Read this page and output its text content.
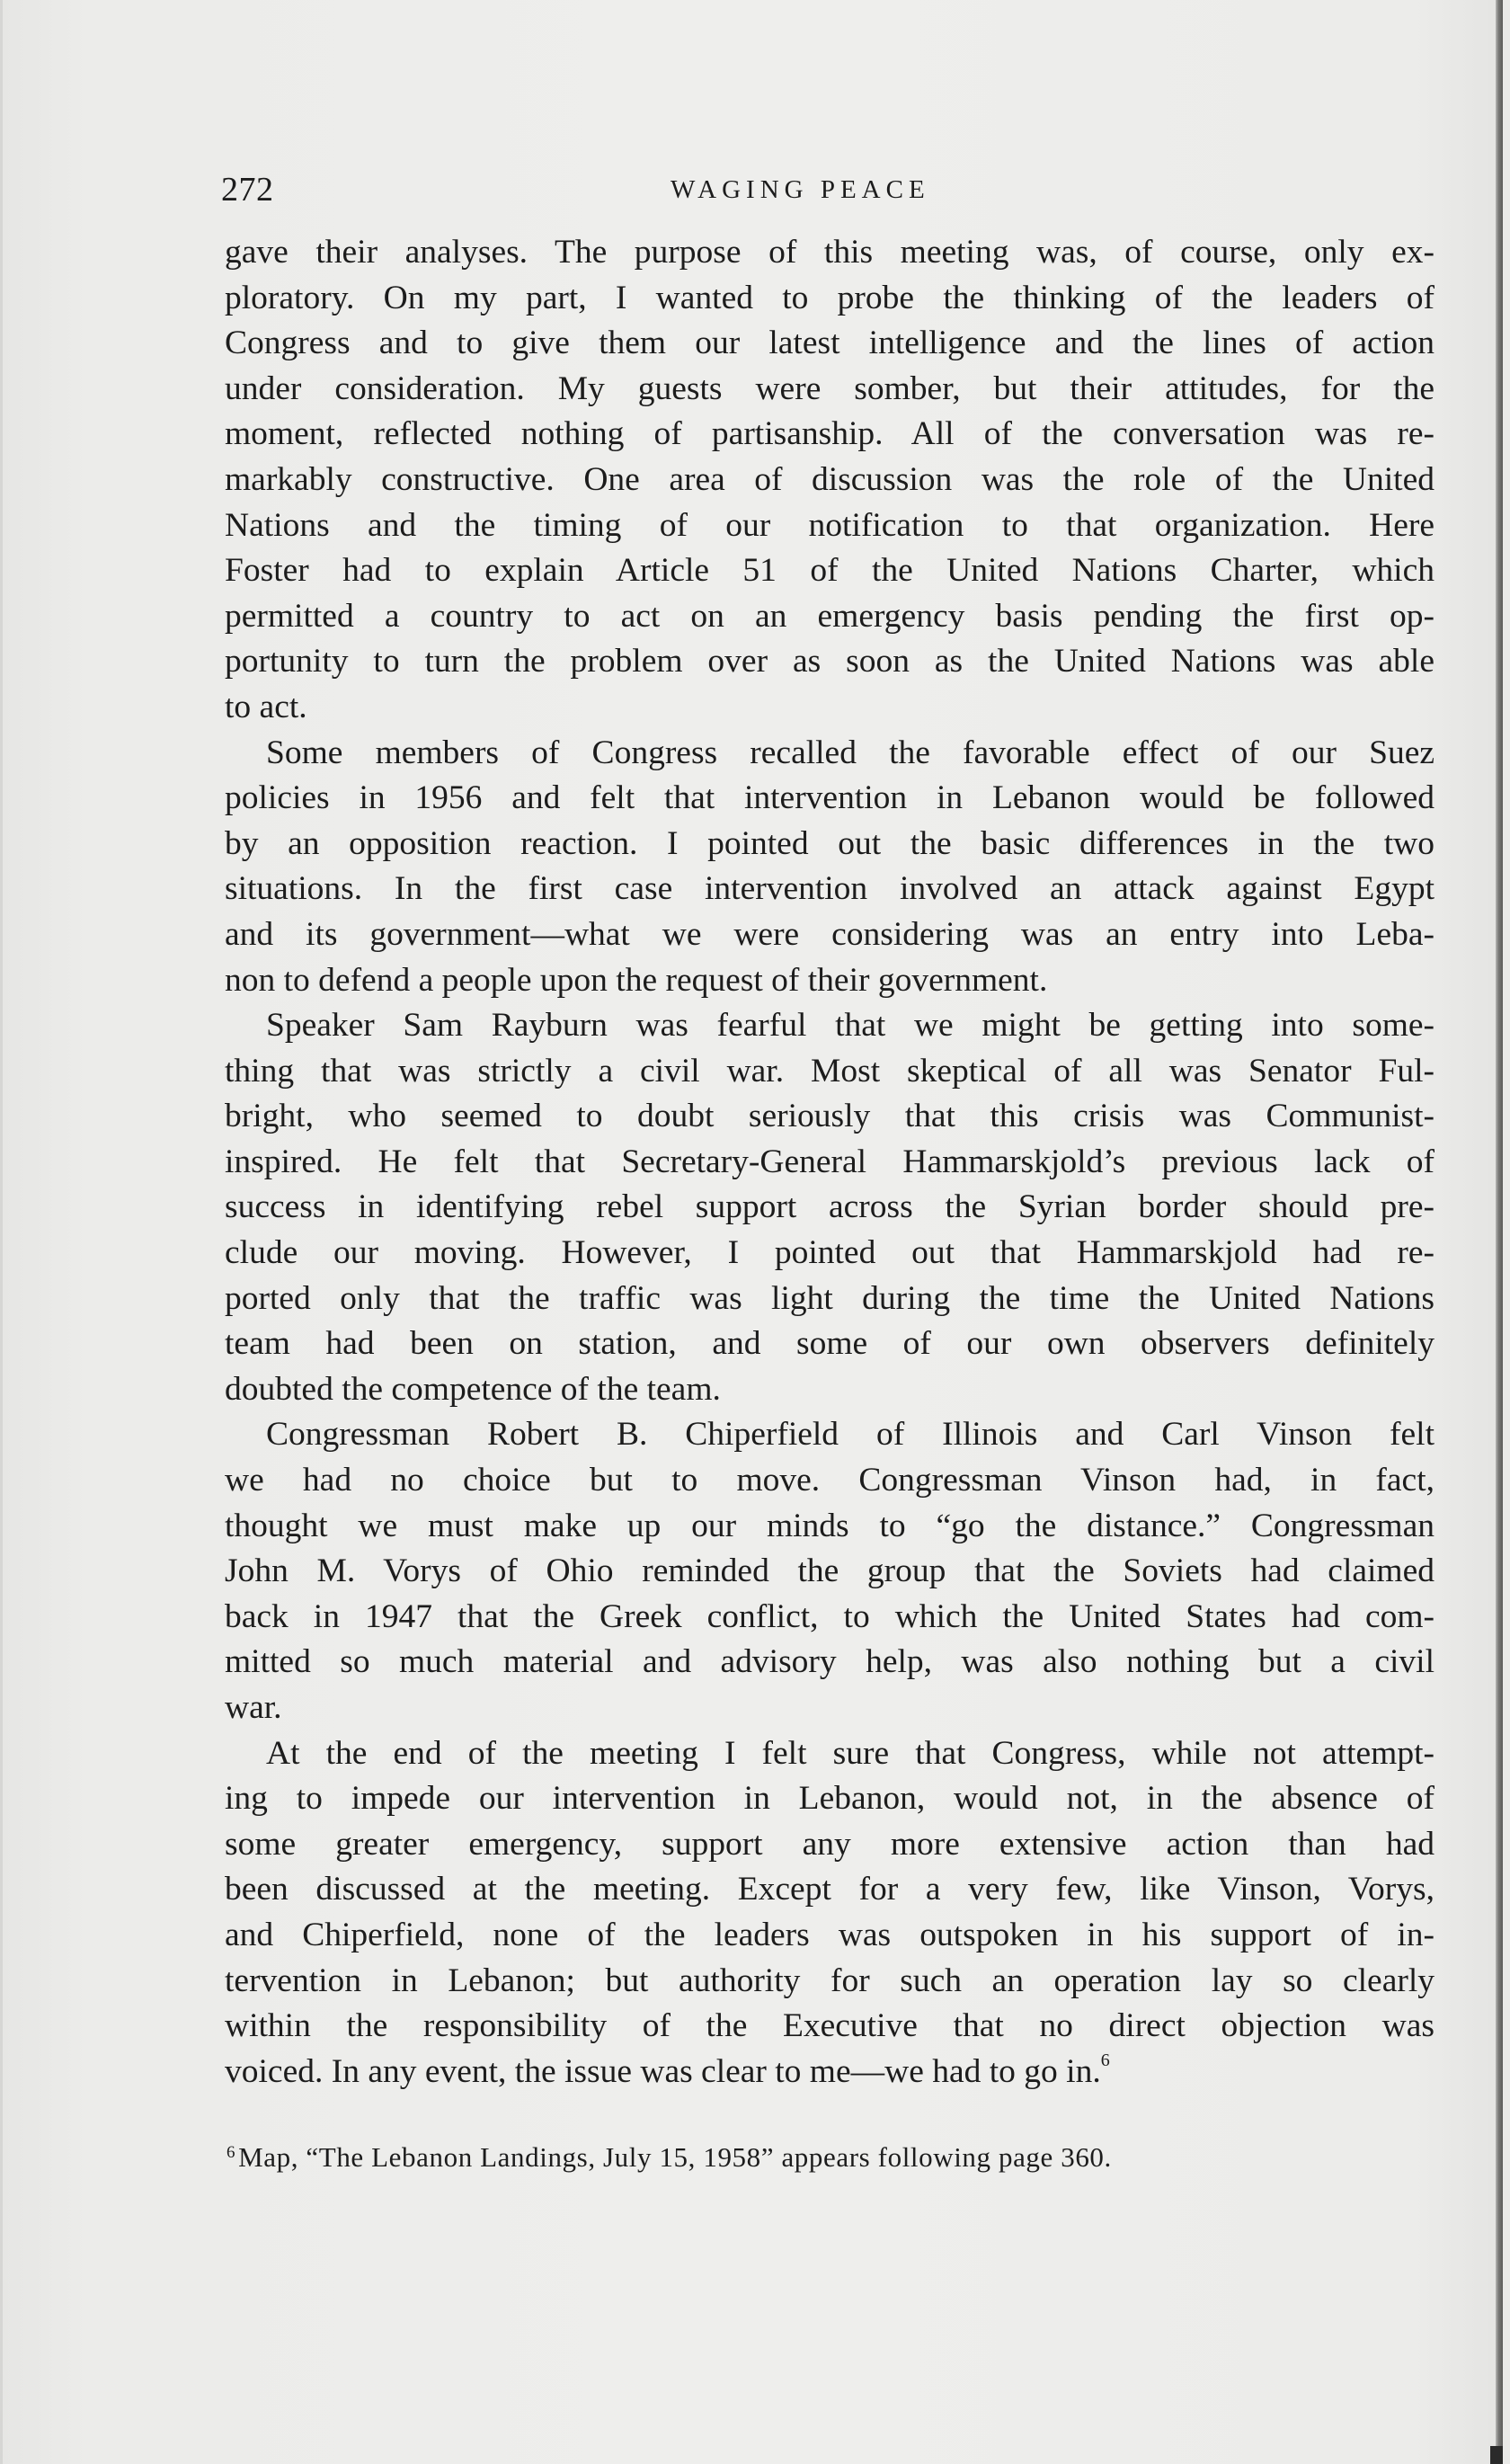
272	WAGING PEACE

gave their analyses. The purpose of this meeting was, of course, only ex-
ploratory. On my part, I wanted to probe the thinking of the leaders of
Congress and to give them our latest intelligence and the lines of action
under consideration. My guests were somber, but their attitudes, for the
moment, reflected nothing of partisanship. All of the conversation was re-
markably constructive. One area of discussion was the role of the United
Nations and the timing of our notification to that organization. Here
Foster had to explain Article 51 of the United Nations Charter, which
permitted a country to act on an emergency basis pending the first op-
portunity to turn the problem over as soon as the United Nations was able
to act.

Some members of Congress recalled the favorable effect of our Suez
policies in 1956 and felt that intervention in Lebanon would be followed
by an opposition reaction. I pointed out the basic differences in the two
situations. In the first case intervention involved an attack against Egypt
and its government—what we were considering was an entry into Leba-
non to defend a people upon the request of their government.

Speaker Sam Rayburn was fearful that we might be getting into some-
thing that was strictly a civil war. Most skeptical of all was Senator Ful-
bright, who seemed to doubt seriously that this crisis was Communist-
inspired. He felt that Secretary-General Hammarskjold’s previous lack of
success in identifying rebel support across the Syrian border should pre-
clude our moving. However, I pointed out that Hammarskjold had re-
ported only that the traffic was light during the time the United Nations
team had been on station, and some of our own observers definitely
doubted the competence of the team.

Congressman Robert B. Chiperfield of Illinois and Carl Vinson felt
we had no choice but to move. Congressman Vinson had, in fact,
thought we must make up our minds to “go the distance.” Congressman
John M. Vorys of Ohio reminded the group that the Soviets had claimed
back in 1947 that the Greek conflict, to which the United States had com-
mitted so much material and advisory help, was also nothing but a civil
war.

At the end of the meeting I felt sure that Congress, while not attempt-
ing to impede our intervention in Lebanon, would not, in the absence of
some greater emergency, support any more extensive action than had
been discussed at the meeting. Except for a very few, like Vinson, Vorys,
and Chiperfield, none of the leaders was outspoken in his support of in-
tervention in Lebanon; but authority for such an operation lay so clearly
within the responsibility of the Executive that no direct objection was
voiced. In any event, the issue was clear to me—we had to go in.$^6$

$^6$Map, “The Lebanon Landings, July 15, 1958” appears following page 360.
